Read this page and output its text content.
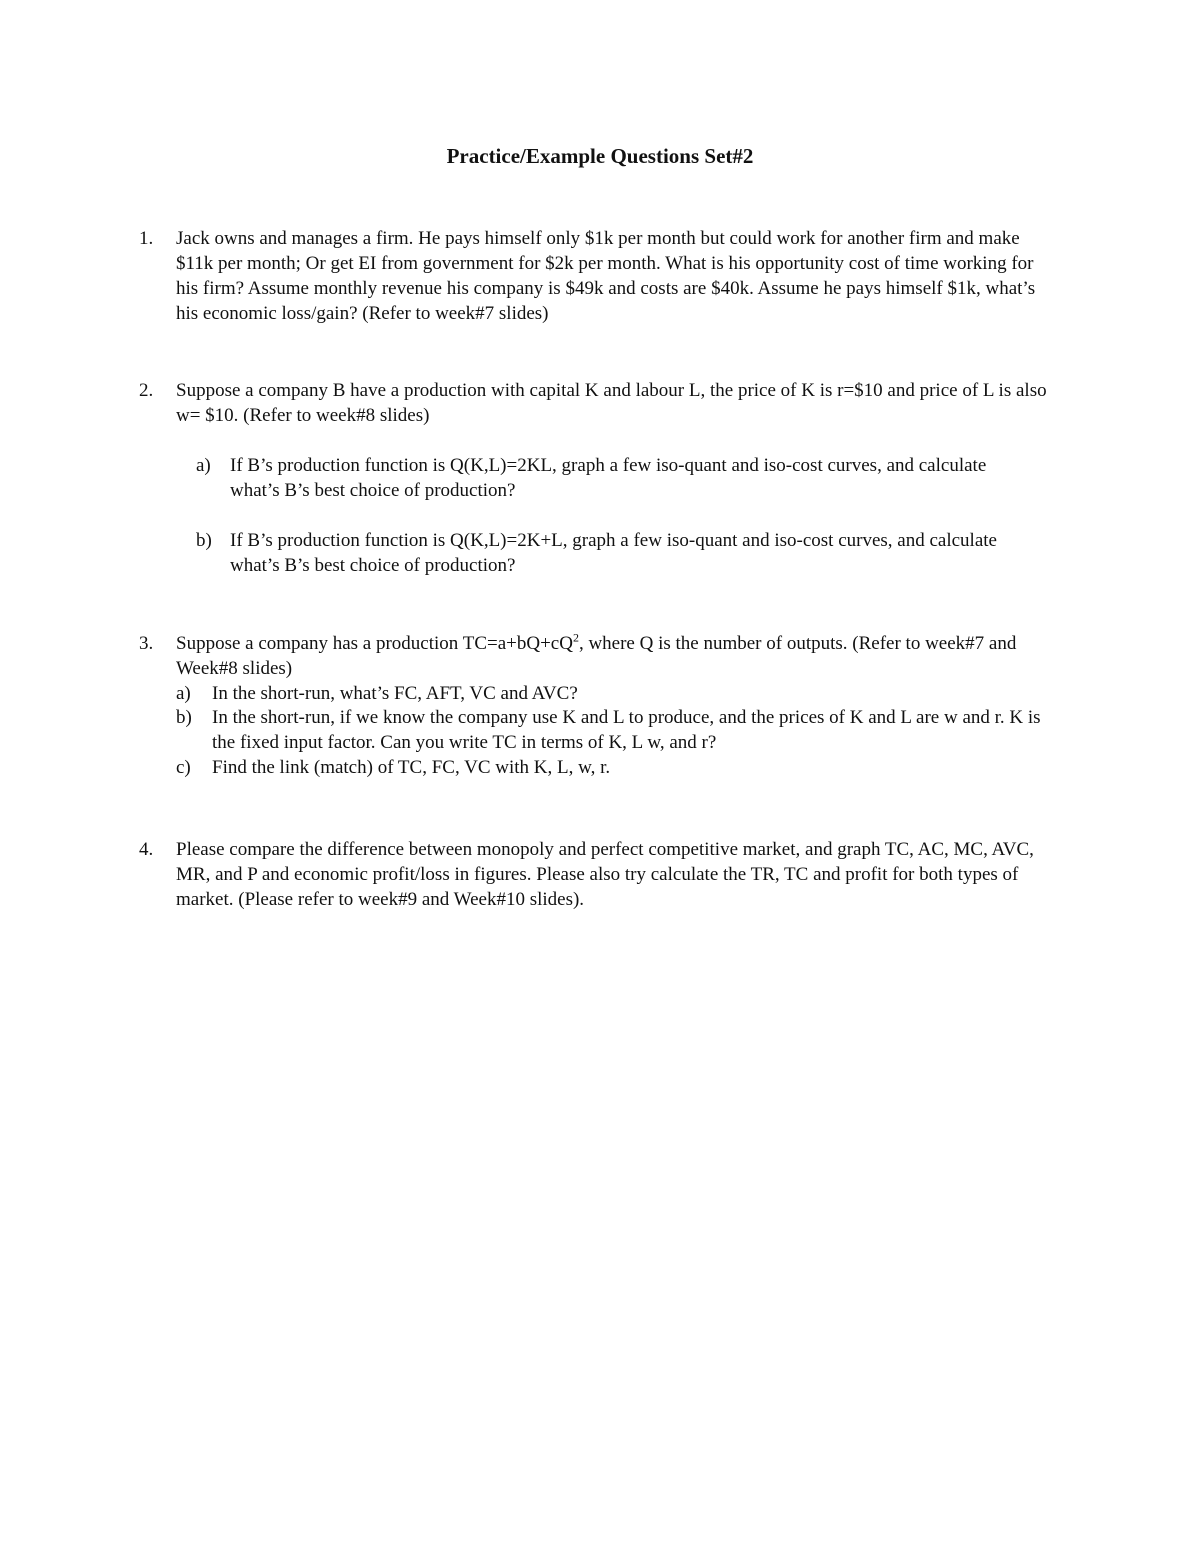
Practice/Example Questions Set#2
1.	Jack owns and manages a firm. He pays himself only $1k per month but could work for another firm and make $11k per month; Or get EI from government for $2k per month. What is his opportunity cost of time working for his firm? Assume monthly revenue his company is $49k and costs are $40k. Assume he pays himself $1k, what’s his economic loss/gain? (Refer to week#7 slides)
2.	Suppose a company B have a production with capital K and labour L, the price of K is r=$10 and price of L is also w= $10. (Refer to week#8 slides)
a) If B’s production function is Q(K,L)=2KL, graph a few iso-quant and iso-cost curves, and calculate what’s B’s best choice of production?
b) If B’s production function is Q(K,L)=2K+L, graph a few iso-quant and iso-cost curves, and calculate what’s B’s best choice of production?
3.	Suppose a company has a production $TC=a+bQ+cQ^2$, where Q is the number of outputs. (Refer to week#7 and Week#8 slides)
a) In the short-run, what’s FC, AFT, VC and AVC?
b) In the short-run, if we know the company use K and L to produce, and the prices of K and L are w and r. K is the fixed input factor. Can you write TC in terms of K, L w, and r?
c) Find the link (match) of TC, FC, VC with K, L, w, r.
4.	Please compare the difference between monopoly and perfect competitive market, and graph TC, AC, MC, AVC, MR, and P and economic profit/loss in figures. Please also try calculate the TR, TC and profit for both types of market. (Please refer to week#9 and Week#10 slides).
